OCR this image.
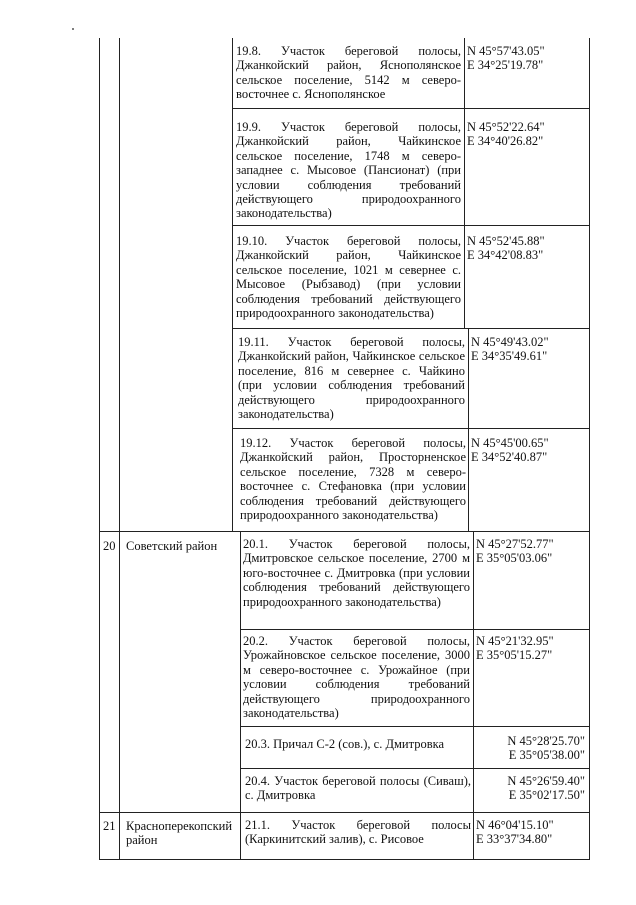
19.8. Участок береговой полосы, Джанкойский район, Яснополянское сельское поселение, 5142 м северо-восточнее с. Яснополянское
N 45°57'43.05"
E 34°25'19.78"
19.9. Участок береговой полосы, Джанкойский район, Чайкинское сельское поселение, 1748 м северо-западнее с. Мысовое (Пансионат) (при условии соблюдения требований действующего природоохранного законодательства)
N 45°52'22.64"
E 34°40'26.82"
19.10. Участок береговой полосы, Джанкойский район, Чайкинское сельское поселение, 1021 м севернее с. Мысовое (Рыбзавод) (при условии соблюдения требований действующего природоохранного законодательства)
N 45°52'45.88"
E 34°42'08.83"
19.11. Участок береговой полосы, Джанкойский район, Чайкинское сельское поселение, 816 м севернее с. Чайкино (при условии соблюдения требований действующего природоохранного законодательства)
N 45°49'43.02"
E 34°35'49.61"
19.12. Участок береговой полосы, Джанкойский район, Просторненское сельское поселение, 7328 м северо-восточнее с. Стефановка (при условии соблюдения требований действующего природоохранного законодательства)
N 45°45'00.65"
E 34°52'40.87"
20 Советский район	20.1. Участок береговой полосы, Дмитровское сельское поселение, 2700 м юго-восточнее с. Дмитровка (при условии соблюдения требований действующего природоохранного законодательства)
N 45°27'52.77"
E 35°05'03.06"
20.2. Участок береговой полосы, Урожайновское сельское поселение, 3000 м северо-восточнее с. Урожайное (при условии соблюдения требований действующего природоохранного законодательства)
N 45°21'32.95"
E 35°05'15.27"
20.3. Причал С-2 (сов.), с. Дмитровка	N 45°28'25.70"
E 35°05'38.00"
20.4. Участок береговой полосы (Сиваш), с. Дмитровка
N 45°26'59.40"
E 35°02'17.50"
21 Красноперекопский район
21.1. Участок береговой полосы (Каркинитский залив), с. Рисовое
N 46°04'15.10"
E 33°37'34.80"
